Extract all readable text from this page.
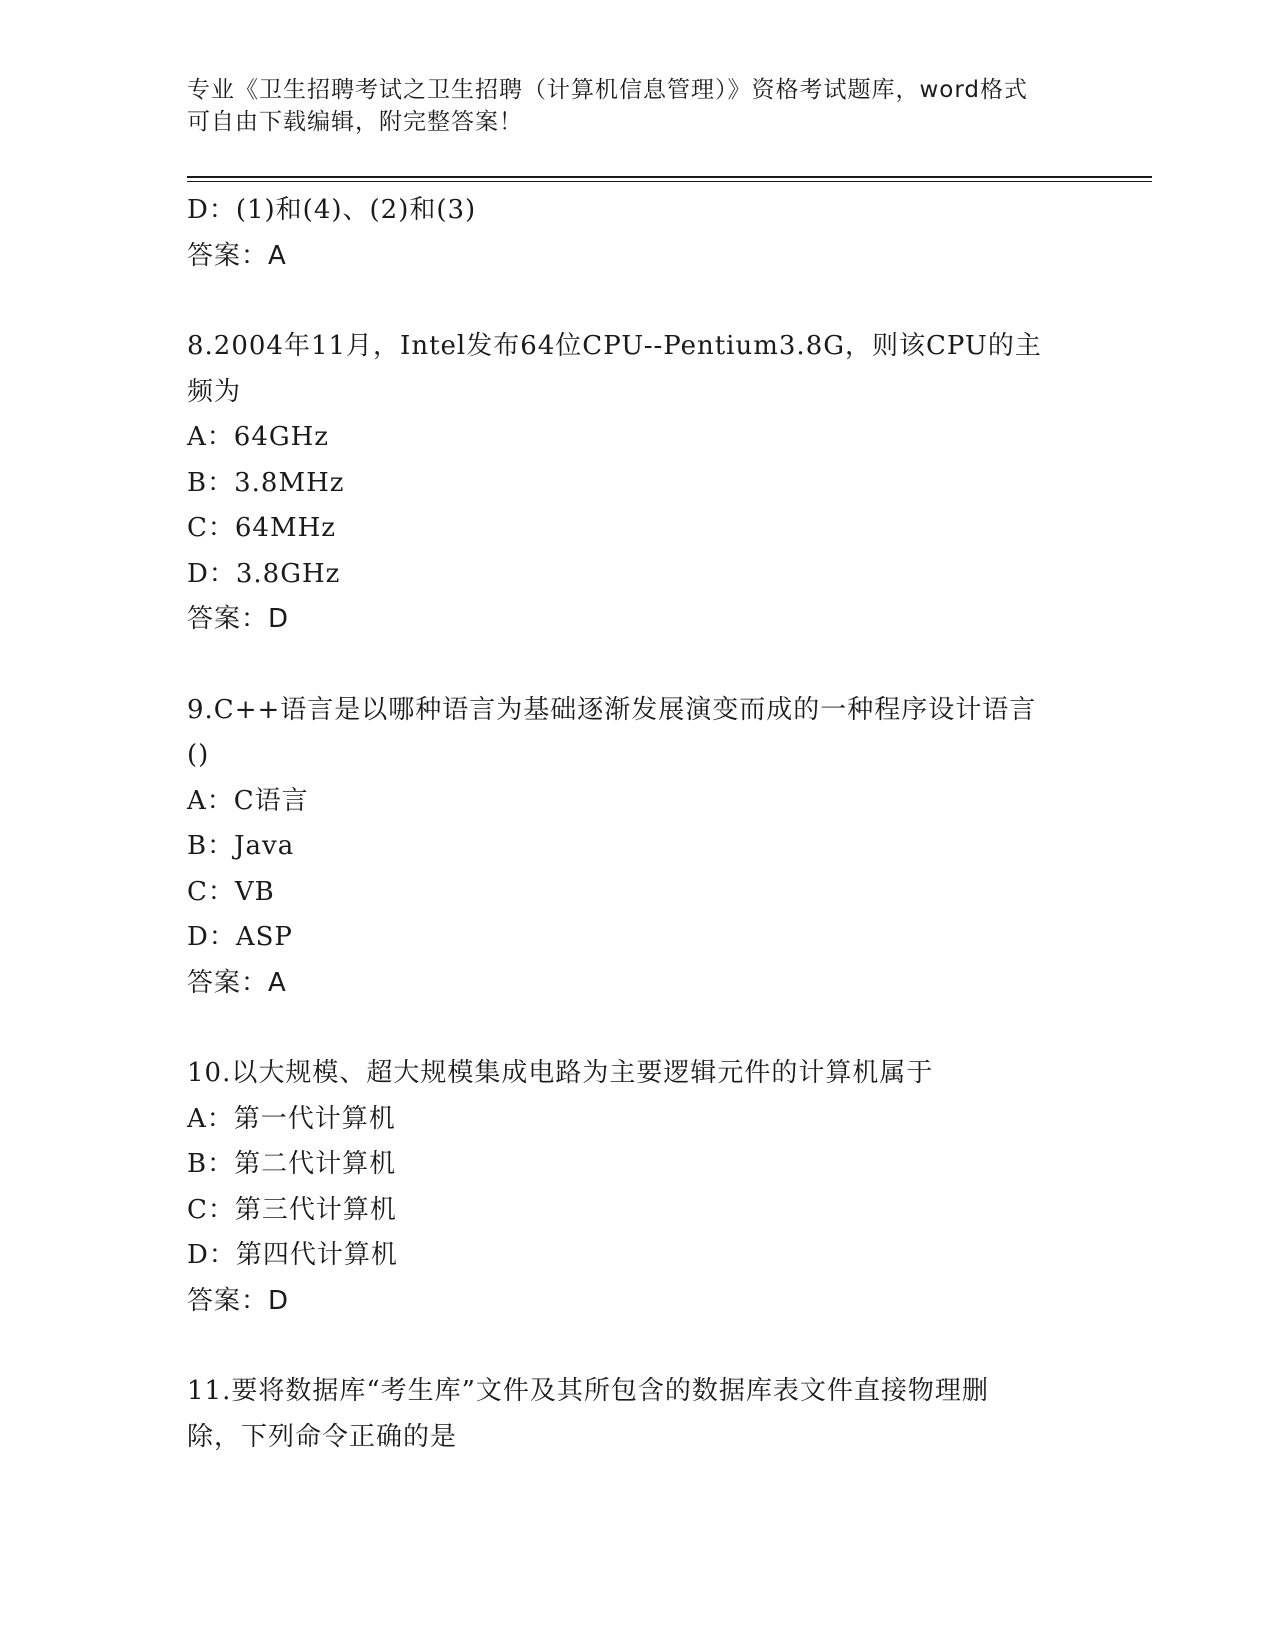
专业《卫生招聘考试之卫生招聘（计算机信息管理）》资格考试题库，word格式
可自由下载编辑，附完整答案！
D：(1)和(4)、(2)和(3)
答案：A
8.2004年11月，Intel发布64位CPU--Pentium3.8G，则该CPU的主
频为
A：64GHz
B：3.8MHz
C：64MHz
D：3.8GHz
答案：D
9.C++语言是以哪种语言为基础逐渐发展演变而成的一种程序设计语言
()
A：C语言
B：Java
C：VB
D：ASP
答案：A
10.以大规模、超大规模集成电路为主要逻辑元件的计算机属于
A：第一代计算机
B：第二代计算机
C：第三代计算机
D：第四代计算机
答案：D
11.要将数据库“考生库”文件及其所包含的数据库表文件直接物理删
除，下列命令正确的是
